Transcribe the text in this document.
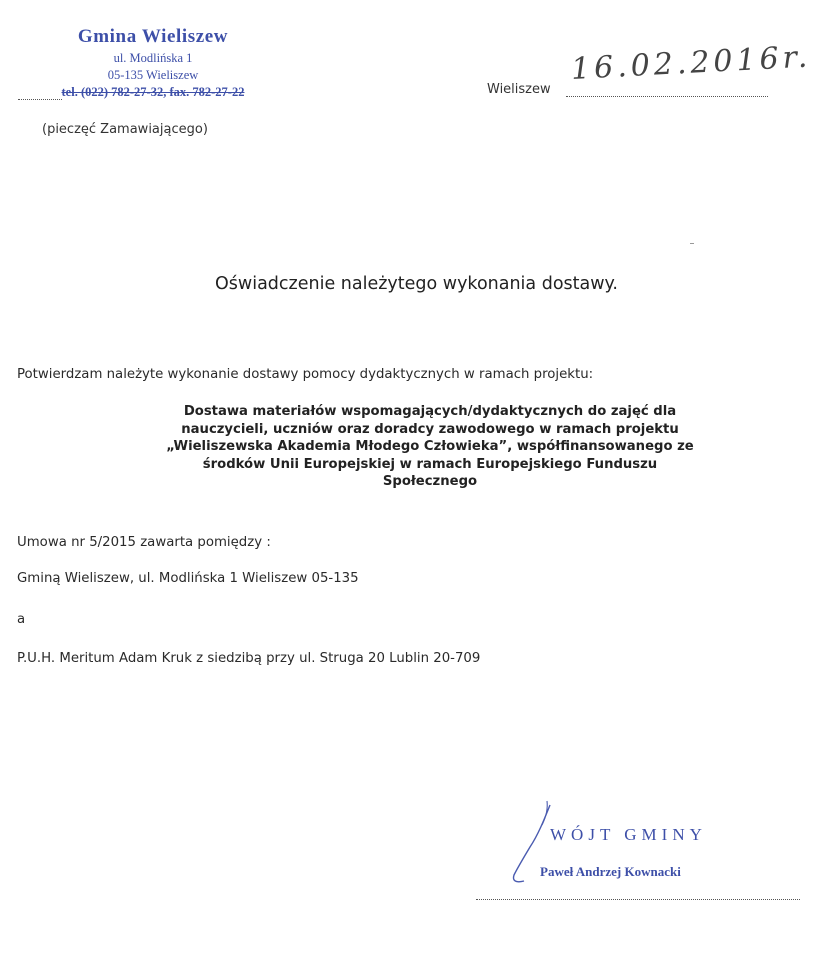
Gmina Wieliszew
ul. Modlińska 1
05-135 Wieliszew
tel. (022) 782-27-32, fax. 782-27-22
(pieczęć Zamawiającego)
Wieliszew
16.02.2016r.
Oświadczenie należytego wykonania dostawy.
Potwierdzam należyte wykonanie dostawy pomocy dydaktycznych w ramach projektu:
Dostawa materiałów wspomagających/dydaktycznych do zajęć dla
nauczycieli, uczniów oraz doradcy zawodowego w ramach projektu
„Wieliszewska Akademia Młodego Człowieka”, współfinansowanego ze
środków Unii Europejskiej w ramach Europejskiego Funduszu
Społecznego
Umowa nr 5/2015 zawarta pomiędzy :
Gminą Wieliszew, ul. Modlińska 1 Wieliszew 05-135
a
P.U.H. Meritum Adam Kruk z siedzibą przy ul. Struga 20 Lublin 20-709
WÓJT GMINY
Paweł Andrzej Kownacki
